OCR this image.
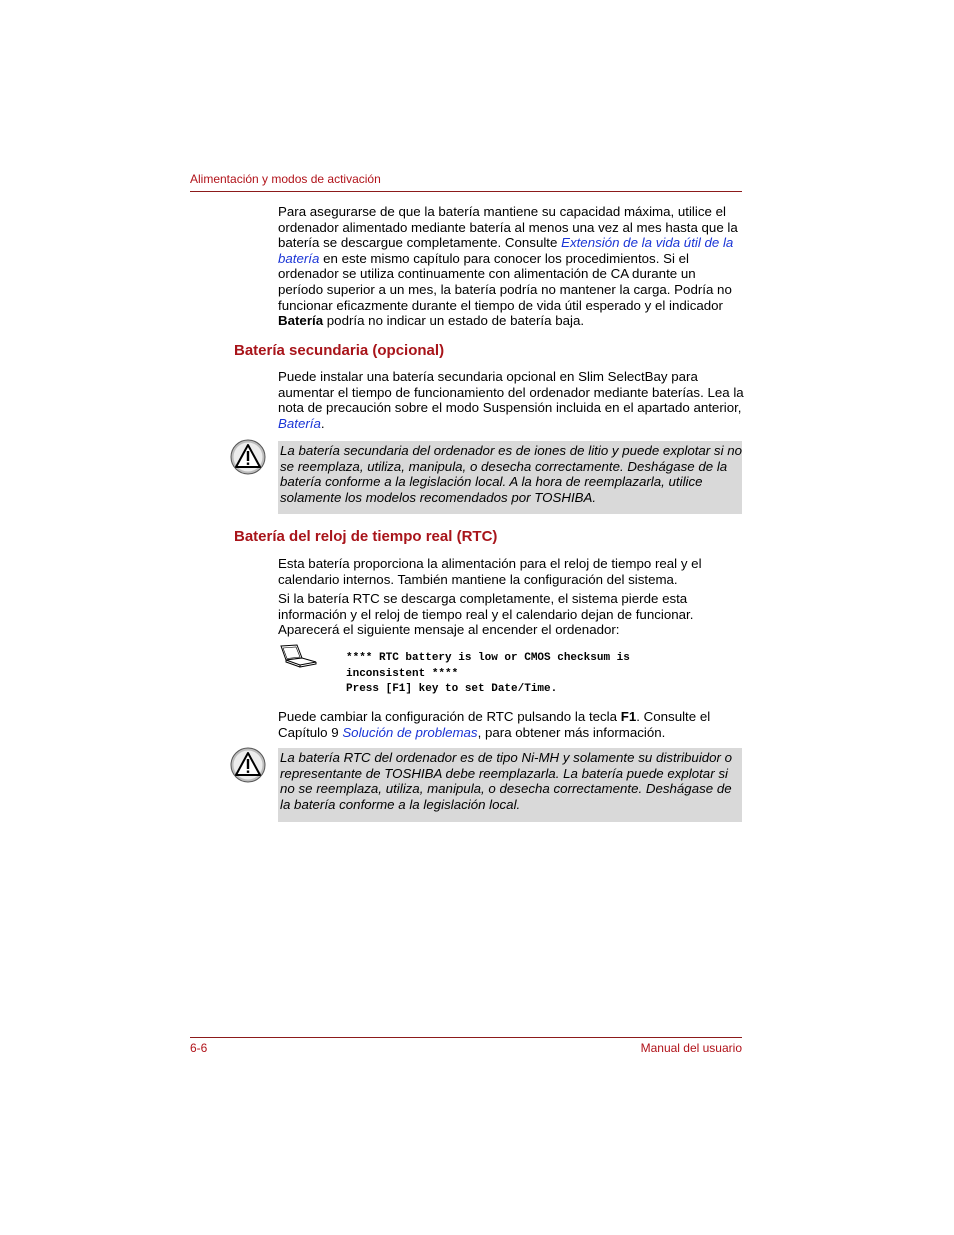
Alimentación y modos de activación

Para asegurarse de que la batería mantiene su capacidad máxima, utilice el ordenador alimentado mediante batería al menos una vez al mes hasta que la batería se descargue completamente. Consulte Extensión de la vida útil de la batería en este mismo capítulo para conocer los procedimientos. Si el ordenador se utiliza continuamente con alimentación de CA durante un período superior a un mes, la batería podría no mantener la carga. Podría no funcionar eficazmente durante el tiempo de vida útil esperado y el indicador Batería podría no indicar un estado de batería baja.

Batería secundaria (opcional)

Puede instalar una batería secundaria opcional en Slim SelectBay para aumentar el tiempo de funcionamiento del ordenador mediante baterías. Lea la nota de precaución sobre el modo Suspensión incluida en el apartado anterior, Batería.

La batería secundaria del ordenador es de iones de litio y puede explotar si no se reemplaza, utiliza, manipula, o desecha correctamente. Deshágase de la batería conforme a la legislación local. A la hora de reemplazarla, utilice solamente los modelos recomendados por TOSHIBA.
Batería del reloj de tiempo real (RTC)
Esta batería proporciona la alimentación para el reloj de tiempo real y el calendario internos. También mantiene la configuración del sistema.
Si la batería RTC se descarga completamente, el sistema pierde esta información y el reloj de tiempo real y el calendario dejan de funcionar. Aparecerá el siguiente mensaje al encender el ordenador:
**** RTC battery is low or CMOS checksum is
inconsistent ****
Press [F1] key to set Date/Time.

Puede cambiar la configuración de RTC pulsando la tecla F1. Consulte el Capítulo 9 Solución de problemas, para obtener más información.

La batería RTC del ordenador es de tipo Ni-MH y solamente su distribuidor o representante de TOSHIBA debe reemplazarla. La batería puede explotar si no se reemplaza, utiliza, manipula, o desecha correctamente. Deshágase de la batería conforme a la legislación local.
6-6	Manual del usuario
